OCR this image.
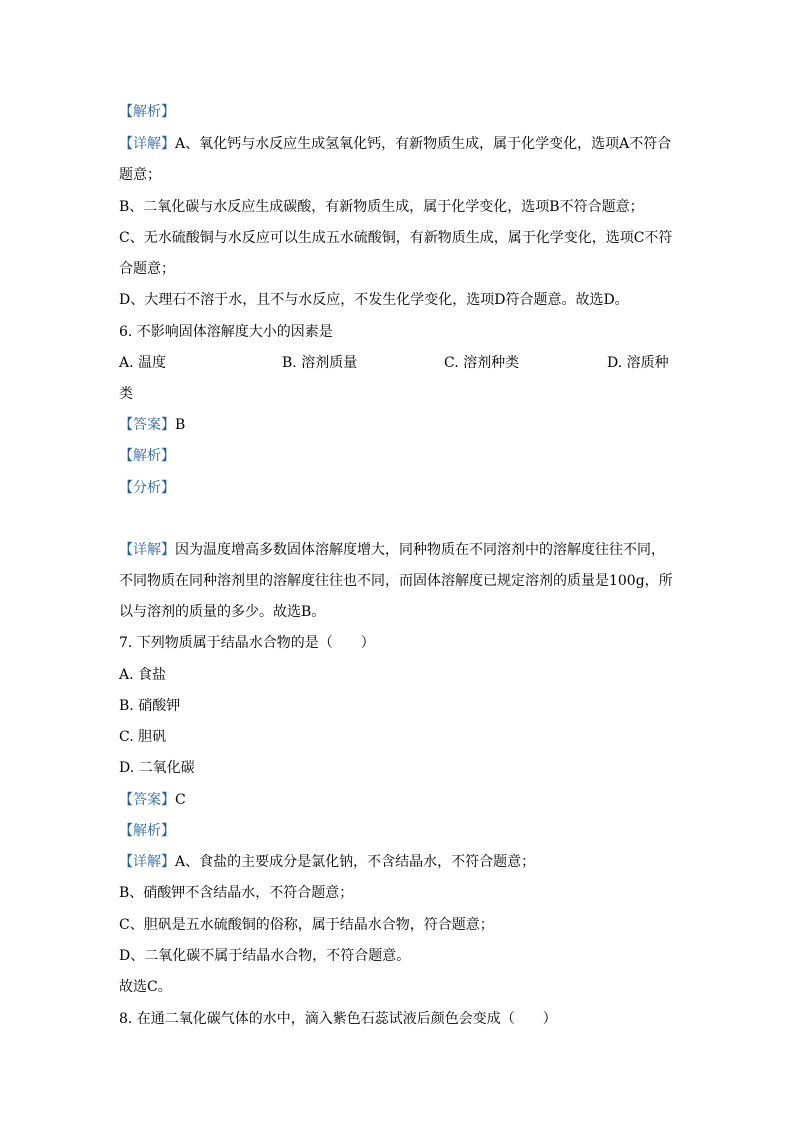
【解析】
【详解】A、氧化钙与水反应生成氢氧化钙，有新物质生成，属于化学变化，选项A不符合
题意；
B、二氧化碳与水反应生成碳酸，有新物质生成，属于化学变化，选项B不符合题意；
C、无水硫酸铜与水反应可以生成五水硫酸铜，有新物质生成，属于化学变化，选项C不符
合题意；
D、大理石不溶于水，且不与水反应，不发生化学变化，选项D符合题意。故选D。
6. 不影响固体溶解度大小的因素是
A. 温度	B. 溶剂质量	C. 溶剂种类	D. 溶质种
类
【答案】B
【解析】
【分析】
【详解】因为温度增高多数固体溶解度增大，同种物质在不同溶剂中的溶解度往往不同，
不同物质在同种溶剂里的溶解度往往也不同，而固体溶解度已规定溶剂的质量是100g，所
以与溶剂的质量的多少。故选B。
7. 下列物质属于结晶水合物的是（　　）
A. 食盐
B. 硝酸钾
C. 胆矾
D. 二氧化碳
【答案】C
【解析】
【详解】A、食盐的主要成分是氯化钠，不含结晶水，不符合题意；
B、硝酸钾不含结晶水，不符合题意；
C、胆矾是五水硫酸铜的俗称，属于结晶水合物，符合题意；
D、二氧化碳不属于结晶水合物，不符合题意。
故选C。
8. 在通二氧化碳气体的水中，滴入紫色石蕊试液后颜色会变成（　　）
